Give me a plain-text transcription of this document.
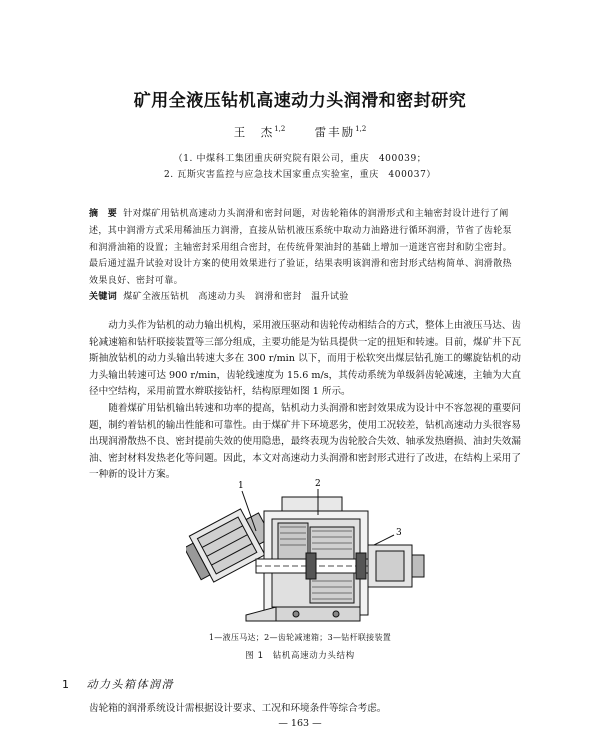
矿用全液压钻机高速动力头润滑和密封研究
王　杰$^{1,2}$	雷丰励$^{1,2}$
（1. 中煤科工集团重庆研究院有限公司，重庆　400039；
2. 瓦斯灾害监控与应急技术国家重点实验室，重庆　400037）
摘　要 针对煤矿用钻机高速动力头润滑和密封问题，对齿轮箱体的润滑形式和主轴密封设计进行了阐述，其中润滑方式采用稀油压力润滑，直接从钻机液压系统中取动力油路进行循环润滑，节省了齿轮泵和润滑油箱的设置；主轴密封采用组合密封，在传统骨架油封的基础上增加一道迷宫密封和防尘密封。最后通过温升试验对设计方案的使用效果进行了验证，结果表明该润滑和密封形式结构简单、润滑散热效果良好、密封可靠。
关键词 煤矿全液压钻机　高速动力头　润滑和密封　温升试验

动力头作为钻机的动力输出机构，采用液压驱动和齿轮传动相结合的方式，整体上由液压马达、齿轮减速箱和钻杆联接装置等三部分组成，主要功能是为钻具提供一定的扭矩和转速。目前，煤矿井下瓦斯抽放钻机的动力头输出转速大多在 300 r/min 以下，而用于松软突出煤层钻孔施工的螺旋钻机的动力头输出转速可达 900 r/min，齿轮线速度为 15.6 m/s，其传动系统为单级斜齿轮减速，主轴为大直径中空结构，采用前置水辫联接钻杆，结构原理如图 1 所示。

随着煤矿用钻机输出转速和功率的提高，钻机动力头润滑和密封效果成为设计中不容忽视的重要问题，制约着钻机的输出性能和可靠性。由于煤矿井下环境恶劣，使用工况较差，钻机高速动力头很容易出现润滑散热不良、密封提前失效的使用隐患，最终表现为齿轮胶合失效、轴承发热磨损、油封失效漏油、密封材料发热老化等问题。因此，本文对高速动力头润滑和密封形式进行了改进，在结构上采用了一种新的设计方案。

1	2
3
1—液压马达；2—齿轮减速箱；3—钻杆联接装置
图 1　钻机高速动力头结构
1 动力头箱体润滑
齿轮箱的润滑系统设计需根据设计要求、工况和环境条件等综合考虑。
— 163 —
